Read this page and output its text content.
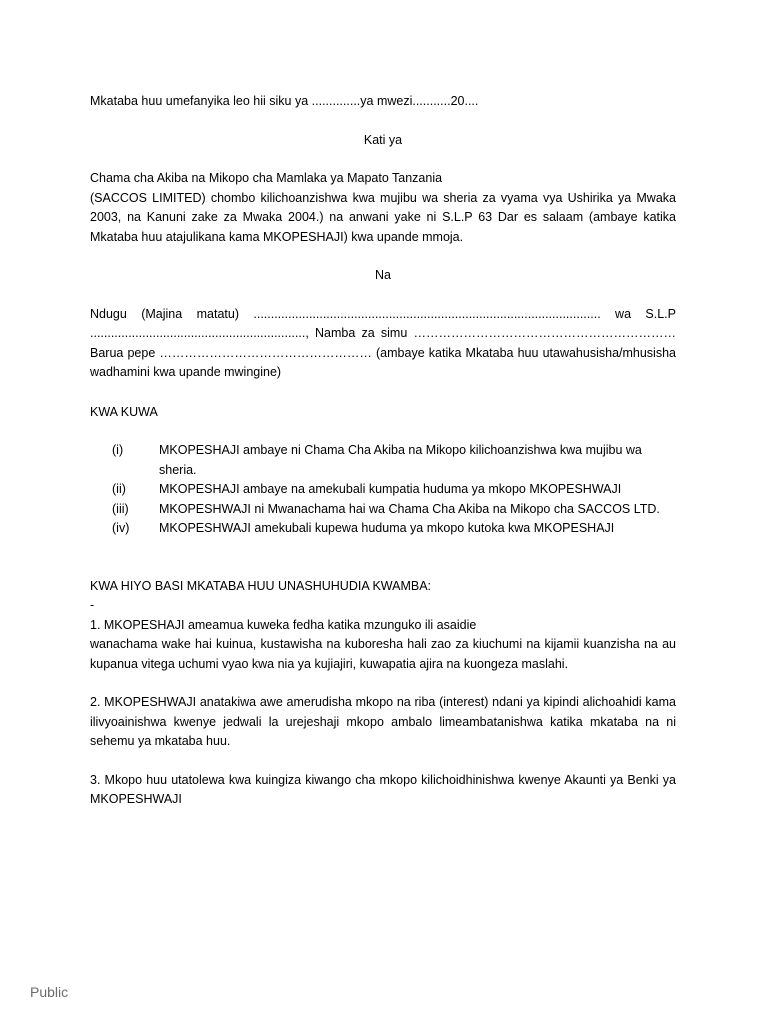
Mkataba huu umefanyika leo hii siku ya ..............ya mwezi...........20....

Kati ya

Chama cha Akiba na Mikopo cha Mamlaka ya Mapato Tanzania

(SACCOS LIMITED) chombo kilichoanzishwa kwa mujibu wa sheria za vyama vya Ushirika ya Mwaka 2003, na Kanuni zake za Mwaka 2004.) na anwani yake ni S.L.P 63 Dar es salaam (ambaye katika Mkataba huu atajulikana kama MKOPESHAJI) kwa upande mmoja.

Na

Ndugu (Majina matatu) .................................................................................................... wa S.L.P
.............................................................., Namba za simu ………………………………………………………
Barua pepe …………………………………………… (ambaye katika Mkataba huu utawahusisha/mhusisha wadhamini kwa upande mwingine)

KWA KUWA

(i)	MKOPESHAJI ambaye ni Chama Cha Akiba na Mikopo kilichoanzishwa kwa mujibu wa sheria.
(ii)	MKOPESHAJI ambaye na amekubali kumpatia huduma ya mkopo MKOPESHWAJI
(iii)	MKOPESHWAJI ni Mwanachama hai wa Chama Cha Akiba na Mikopo cha SACCOS LTD.
(iv)	MKOPESHWAJI amekubali kupewa huduma ya mkopo kutoka kwa MKOPESHAJI

KWA HIYO BASI MKATABA HUU UNASHUHUDIA KWAMBA:

-

1. MKOPESHAJI ameamua kuweka fedha katika mzunguko ili asaidie
wanachama wake hai kuinua, kustawisha na kuboresha hali zao za kiuchumi na kijamii kuanzisha na au kupanua vitega uchumi vyao kwa nia ya kujiajiri, kuwapatia ajira na kuongeza maslahi.

2. MKOPESHWAJI anatakiwa awe amerudisha mkopo na riba (interest) ndani ya kipindi alichoahidi kama ilivyoainishwa kwenye jedwali la urejeshaji mkopo ambalo limeambatanishwa katika mkataba na ni sehemu ya mkataba huu.

3. Mkopo huu utatolewa kwa kuingiza kiwango cha mkopo kilichoidhinishwa kwenye Akaunti ya Benki ya MKOPESHWAJI

Public
